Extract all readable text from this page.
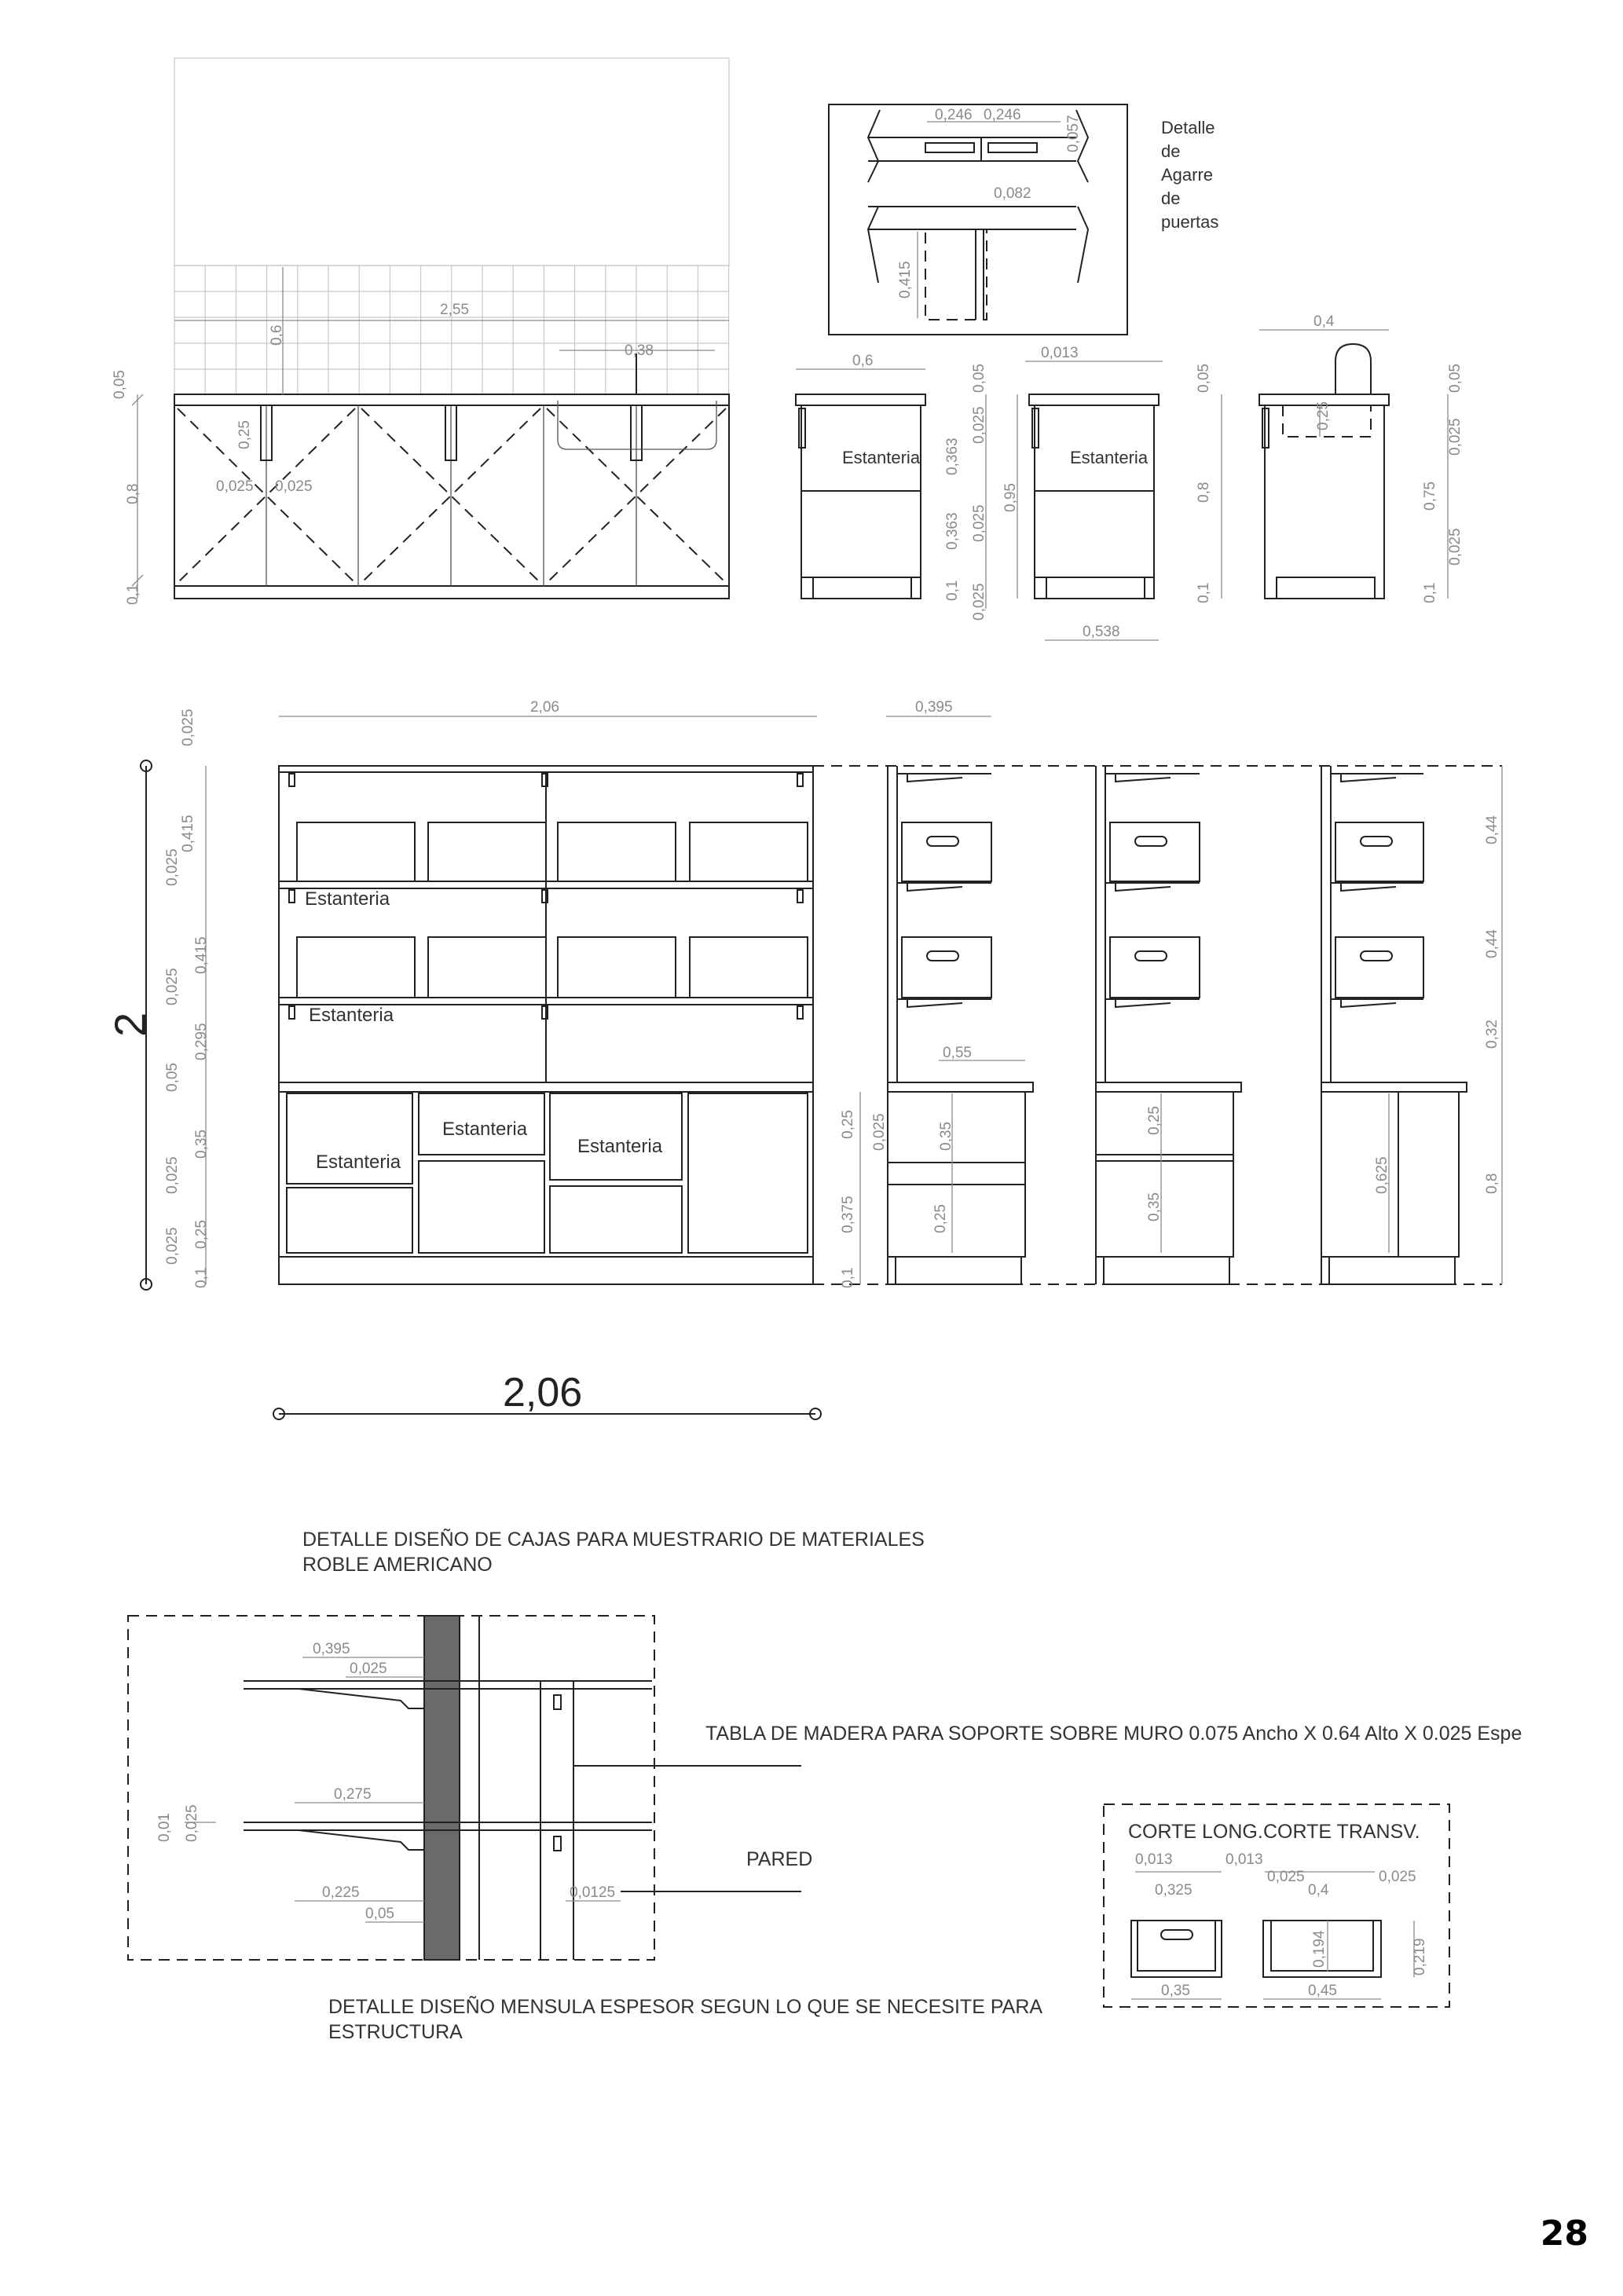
2,55
0,38
0,6
0,05
0,8
0,1
0,25
0,025 0,025
0,246 0,246	0,057
0,082
0,415
Detalle
de
Agarre
de
puertas
0,6
Estanteria
0,05
0,025
0,363
0,025
0,363
0,1 0,025
0,013
Estanteria
0,95
0,05
0,8
0,1
0,538
0,4
0,25
0,05
0,025
0,75
0,025
0,1
2,06
2
0,025
0,415
0,025
0,415
0,025
0,295
0,05
0,35
0,025
0,25
0,025
0,1
Estanteria
Estanteria
Estanteria
Estanteria
Estanteria
0,25 0,025
0,375
0,1
0,395
0,55
0,35
0,25
0,25
0,35
0,625
0,44
0,44
0,32
0,8
2,06
DETALLE DISEÑO DE CAJAS PARA MUESTRARIO DE MATERIALES
ROBLE AMERICANO
0,395
0,025
0,275
0,01 0,025
0,225
0,05
0,0125
TABLA DE MADERA PARA SOPORTE SOBRE MURO 0.075 Ancho X 0.64 Alto X 0.025 Espe
PARED
DETALLE DISEÑO MENSULA ESPESOR SEGUN LO QUE SE NECESITE PARA
ESTRUCTURA
CORTE LONG. CORTE TRANSV.
0,013
0,325
0,013
0,025
0,4
0,025
0,194	0,219
0,35	0,45
28
